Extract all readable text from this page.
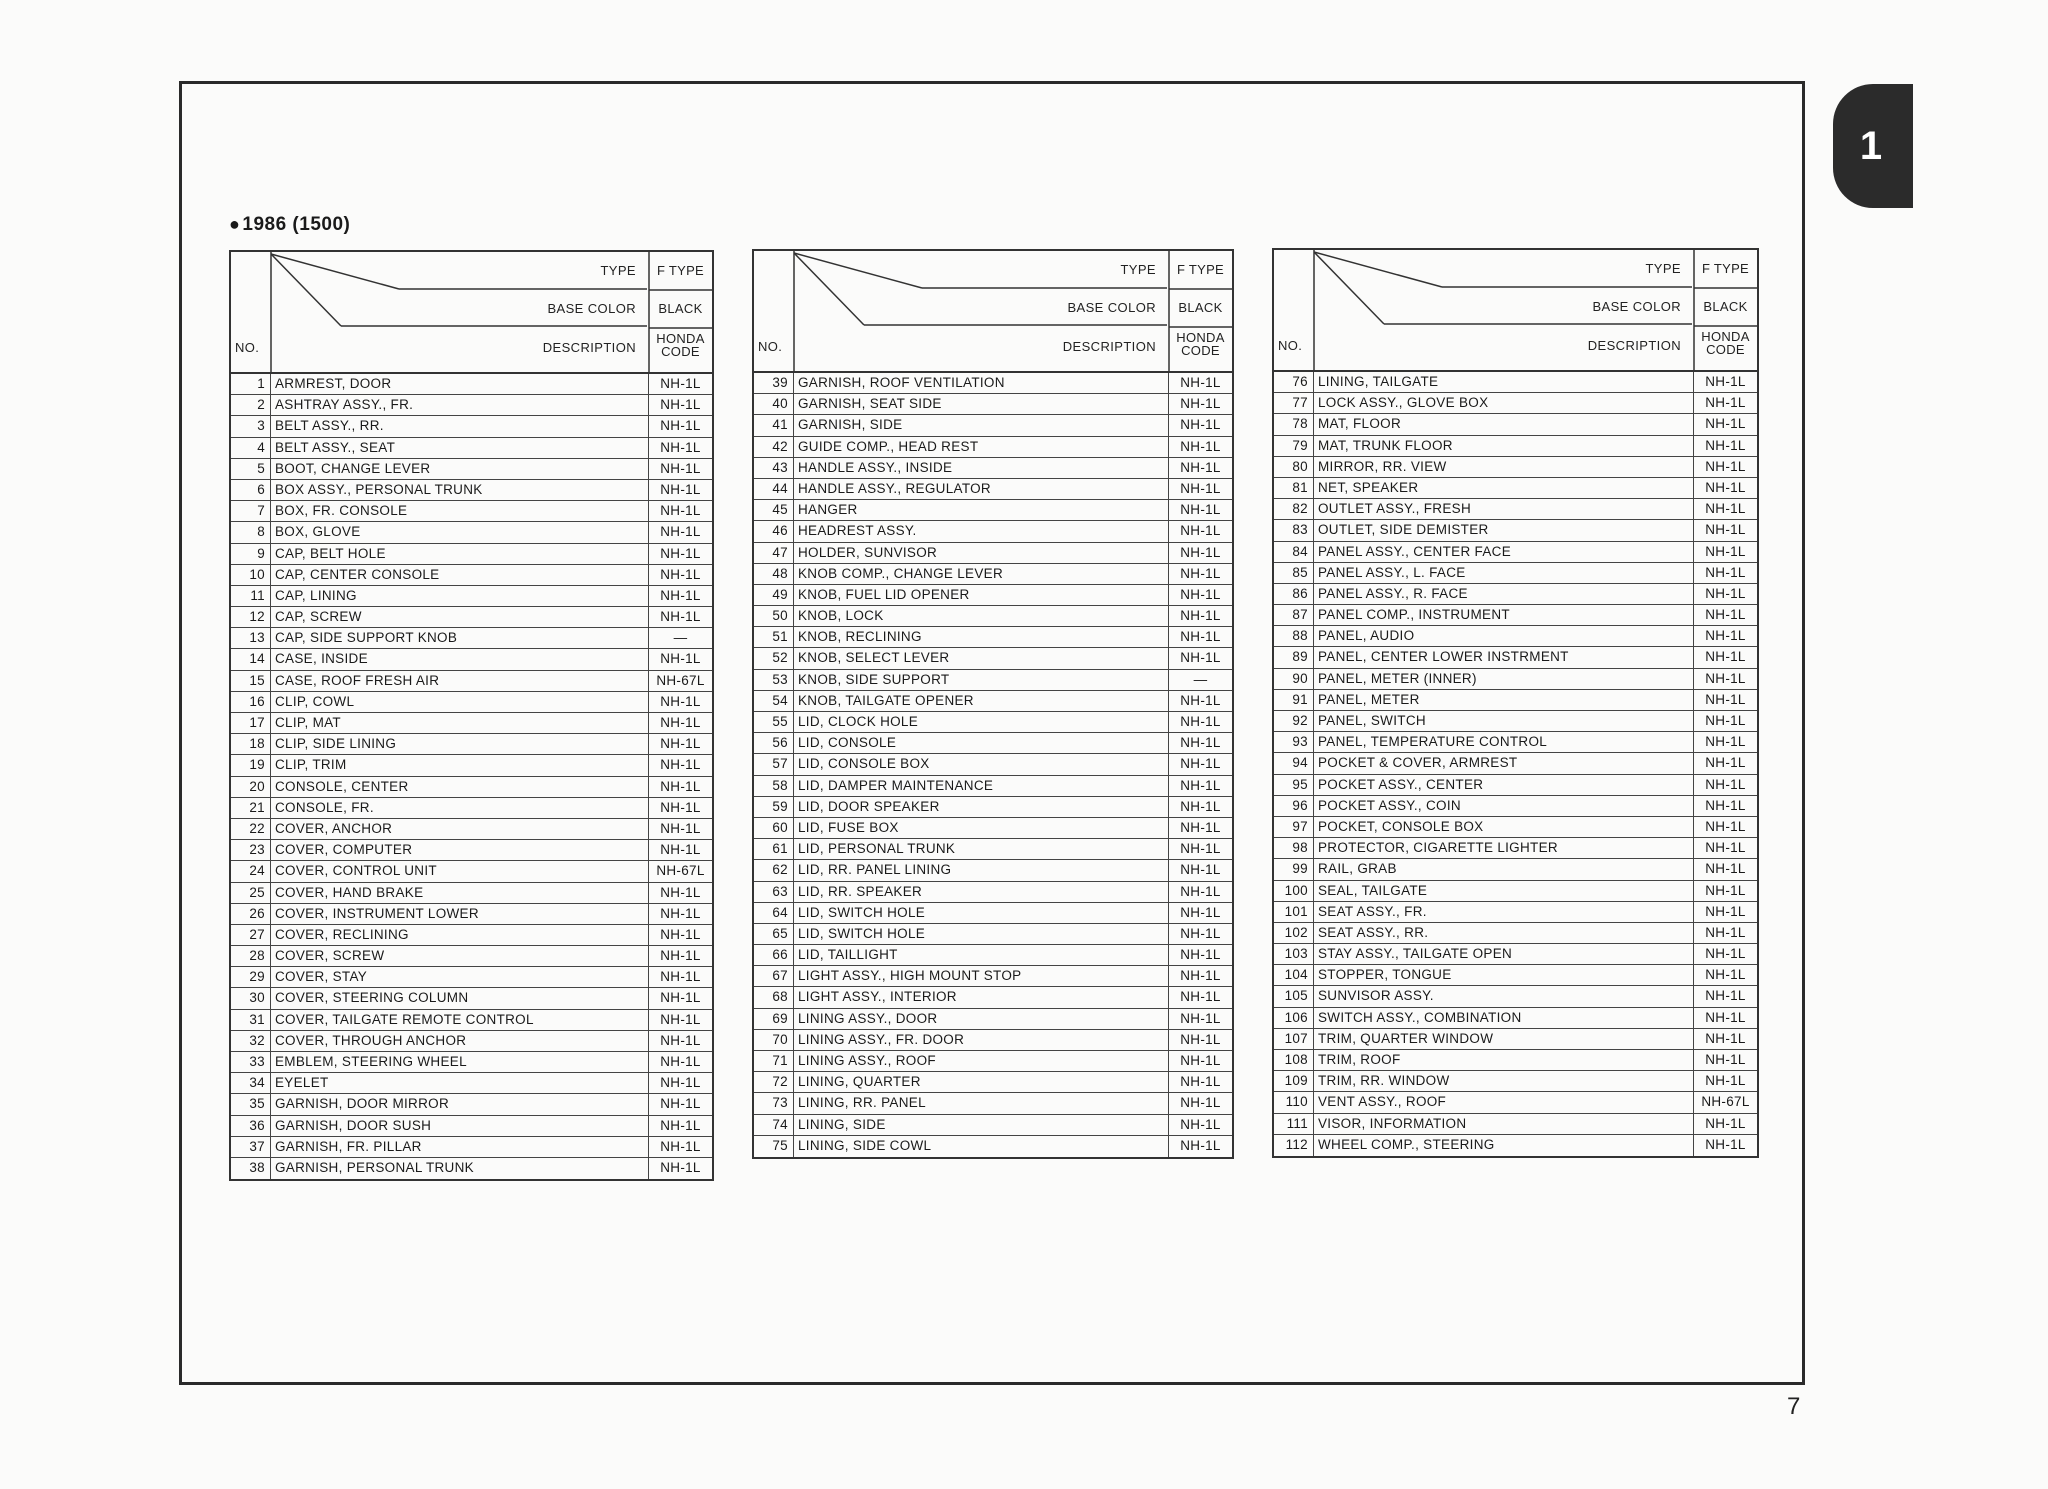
1
● 1986 (1500)
TYPE
BASE COLOR
DESCRIPTION
NO.
F TYPE
BLACK
HONDA
CODE
1 ARMREST, DOOR	NH-1L
2 ASHTRAY ASSY., FR.	NH-1L
3 BELT ASSY., RR.	NH-1L
4 BELT ASSY., SEAT	NH-1L
5 BOOT, CHANGE LEVER	NH-1L
6 BOX ASSY., PERSONAL TRUNK	NH-1L
7 BOX, FR. CONSOLE	NH-1L
8 BOX, GLOVE	NH-1L
9 CAP, BELT HOLE	NH-1L
10 CAP, CENTER CONSOLE	NH-1L
11 CAP, LINING	NH-1L
12 CAP, SCREW	NH-1L
13 CAP, SIDE SUPPORT KNOB	—
14 CASE, INSIDE	NH-1L
15 CASE, ROOF FRESH AIR	NH-67L
16 CLIP, COWL	NH-1L
17 CLIP, MAT	NH-1L
18 CLIP, SIDE LINING	NH-1L
19 CLIP, TRIM	NH-1L
20 CONSOLE, CENTER	NH-1L
21 CONSOLE, FR.	NH-1L
22 COVER, ANCHOR	NH-1L
23 COVER, COMPUTER	NH-1L
24 COVER, CONTROL UNIT	NH-67L
25 COVER, HAND BRAKE	NH-1L
26 COVER, INSTRUMENT LOWER	NH-1L
27 COVER, RECLINING	NH-1L
28 COVER, SCREW	NH-1L
29 COVER, STAY	NH-1L
30 COVER, STEERING COLUMN	NH-1L
31 COVER, TAILGATE REMOTE CONTROL	NH-1L
32 COVER, THROUGH ANCHOR	NH-1L
33 EMBLEM, STEERING WHEEL	NH-1L
34 EYELET	NH-1L
35 GARNISH, DOOR MIRROR	NH-1L
36 GARNISH, DOOR SUSH	NH-1L
37 GARNISH, FR. PILLAR	NH-1L
38 GARNISH, PERSONAL TRUNK	NH-1L
TYPE
BASE COLOR
DESCRIPTION
NO.
F TYPE
BLACK
HONDA
CODE
39 GARNISH, ROOF VENTILATION	NH-1L
40 GARNISH, SEAT SIDE	NH-1L
41 GARNISH, SIDE	NH-1L
42 GUIDE COMP., HEAD REST	NH-1L
43 HANDLE ASSY., INSIDE	NH-1L
44 HANDLE ASSY., REGULATOR	NH-1L
45 HANGER	NH-1L
46 HEADREST ASSY.	NH-1L
47 HOLDER, SUNVISOR	NH-1L
48 KNOB COMP., CHANGE LEVER	NH-1L
49 KNOB, FUEL LID OPENER	NH-1L
50 KNOB, LOCK	NH-1L
51 KNOB, RECLINING	NH-1L
52 KNOB, SELECT LEVER	NH-1L
53 KNOB, SIDE SUPPORT	—
54 KNOB, TAILGATE OPENER	NH-1L
55 LID, CLOCK HOLE	NH-1L
56 LID, CONSOLE	NH-1L
57 LID, CONSOLE BOX	NH-1L
58 LID, DAMPER MAINTENANCE	NH-1L
59 LID, DOOR SPEAKER	NH-1L
60 LID, FUSE BOX	NH-1L
61 LID, PERSONAL TRUNK	NH-1L
62 LID, RR. PANEL LINING	NH-1L
63 LID, RR. SPEAKER	NH-1L
64 LID, SWITCH HOLE	NH-1L
65 LID, SWITCH HOLE	NH-1L
66 LID, TAILLIGHT	NH-1L
67 LIGHT ASSY., HIGH MOUNT STOP	NH-1L
68 LIGHT ASSY., INTERIOR	NH-1L
69 LINING ASSY., DOOR	NH-1L
70 LINING ASSY., FR. DOOR	NH-1L
71 LINING ASSY., ROOF	NH-1L
72 LINING, QUARTER	NH-1L
73 LINING, RR. PANEL	NH-1L
74 LINING, SIDE	NH-1L
75 LINING, SIDE COWL	NH-1L
TYPE
BASE COLOR
DESCRIPTION
NO.
F TYPE
BLACK
HONDA
CODE
76 LINING, TAILGATE	NH-1L
77 LOCK ASSY., GLOVE BOX	NH-1L
78 MAT, FLOOR	NH-1L
79 MAT, TRUNK FLOOR	NH-1L
80 MIRROR, RR. VIEW	NH-1L
81 NET, SPEAKER	NH-1L
82 OUTLET ASSY., FRESH	NH-1L
83 OUTLET, SIDE DEMISTER	NH-1L
84 PANEL ASSY., CENTER FACE	NH-1L
85 PANEL ASSY., L. FACE	NH-1L
86 PANEL ASSY., R. FACE	NH-1L
87 PANEL COMP., INSTRUMENT	NH-1L
88 PANEL, AUDIO	NH-1L
89 PANEL, CENTER LOWER INSTRMENT	NH-1L
90 PANEL, METER (INNER)	NH-1L
91 PANEL, METER	NH-1L
92 PANEL, SWITCH	NH-1L
93 PANEL, TEMPERATURE CONTROL	NH-1L
94 POCKET & COVER, ARMREST	NH-1L
95 POCKET ASSY., CENTER	NH-1L
96 POCKET ASSY., COIN	NH-1L
97 POCKET, CONSOLE BOX	NH-1L
98 PROTECTOR, CIGARETTE LIGHTER	NH-1L
99 RAIL, GRAB	NH-1L
100 SEAL, TAILGATE	NH-1L
101 SEAT ASSY., FR.	NH-1L
102 SEAT ASSY., RR.	NH-1L
103 STAY ASSY., TAILGATE OPEN	NH-1L
104 STOPPER, TONGUE	NH-1L
105 SUNVISOR ASSY.	NH-1L
106 SWITCH ASSY., COMBINATION	NH-1L
107 TRIM, QUARTER WINDOW	NH-1L
108 TRIM, ROOF	NH-1L
109 TRIM, RR. WINDOW	NH-1L
110 VENT ASSY., ROOF	NH-67L
111 VISOR, INFORMATION	NH-1L
112 WHEEL COMP., STEERING	NH-1L
7
